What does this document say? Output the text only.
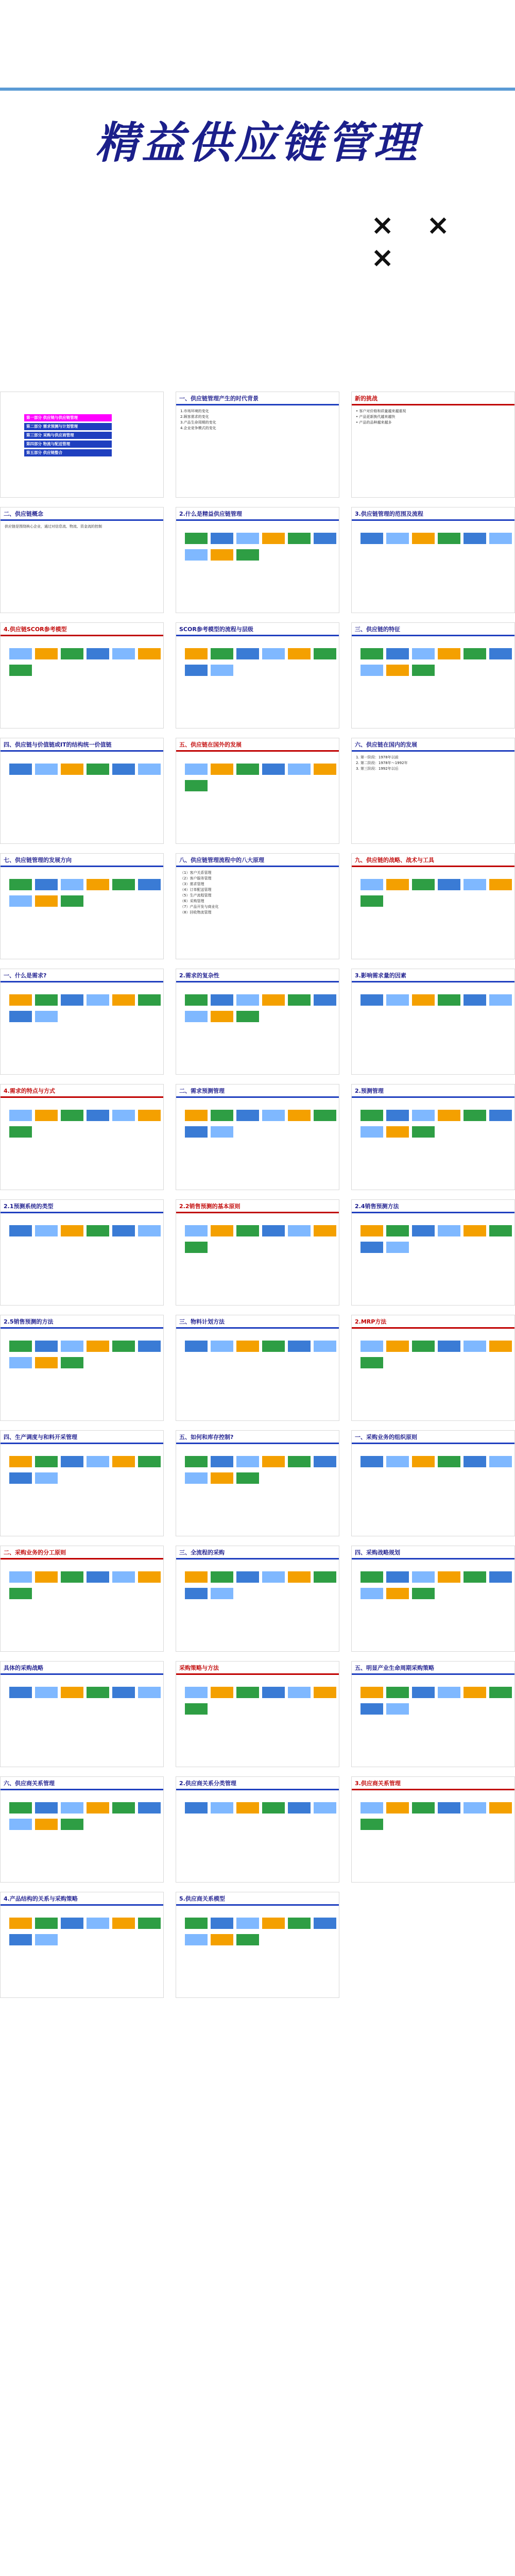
精益供应链管理
× × ×
第一部分 供应链与供应链管理
第二部分 需求预测与计划管理
第三部分 采购与供应商管理
第四部分 物流与配送管理
第五部分 供应链整合
一、供应链管理产生的时代背景
1.市场环境的变化
2.顾客需求的变化
3.产品生命周期的变化
4.企业竞争模式的变化
新的挑战
• 客户对价格和质量越来越重视
• 产品更新换代越来越快
• 产品的品种越来越多
二、供应链概念
供应链是围绕核心企业，通过对信息流、物流、资金流的控制
2.什么是精益供应链管理	3.供应链管理的范围及流程
4.供应链SCOR参考模型	SCOR参考模型的流程与层级	三、供应链的特征
四、供应链与价值链或IT的结构统一价值链	五、供应链在国外的发展	六、供应链在国内的发展
1. 第一阶段：1978年以前
2. 第二阶段：1978年～1992年
3. 第三阶段：1992年以后
七、供应链管理的发展方向	八、供应链管理流程中的八大原理
（1）客户关系管理
（2）客户服务管理
（3）需求管理
（4）订单配送管理
（5）生产流程管理
（6）采购管理
（7）产品开发与商业化
（8）回收物流管理
九、供应链的战略、战术与工具
一、什么是需求?	2.需求的复杂性	3.影响需求量的因素
4.需求的特点与方式	二、需求预测管理	2.预测管理
2.1预测系统的类型	2.2销售预测的基本原则	2.4销售预测方法
2.5销售预测的方法	三、物料计划方法	2.MRP方法
四、生产调度与和料开采管理	五、如何和库存控制?	一、采购业务的组织原则
二、采购业务的分工原则	三、全流程的采购	四、采购战略规划
具体的采购战略	采购策略与方法	五、明显产业生命周期采购策略
六、供应商关系管理	2.供应商关系分类管理	3.供应商关系管理
4.产品结构的关系与采购策略	5.供应商关系模型
